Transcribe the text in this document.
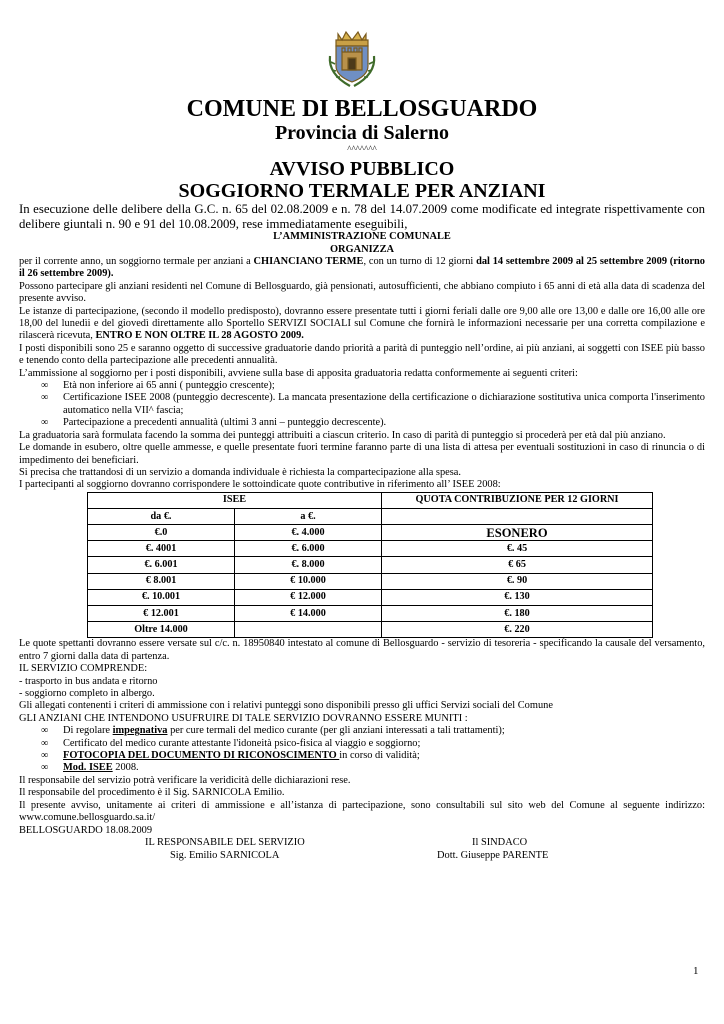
COMUNE DI BELLOSGUARDO
Provincia di Salerno
^^^^^^^
AVVISO PUBBLICO
SOGGIORNO TERMALE PER ANZIANI
In esecuzione delle delibere della G.C. n. 65 del 02.08.2009 e n. 78 del 14.07.2009 come modificate ed integrate rispettivamente con delibere giuntali n. 90 e 91 del 10.08.2009, rese immediatamente eseguibili,
L’AMMINISTRAZIONE COMUNALE
ORGANIZZA
per il corrente anno, un soggiorno termale per anziani a CHIANCIANO TERME, con un turno di 12 giorni dal 14 settembre 2009 al 25 settembre 2009 (ritorno il 26 settembre 2009).
Possono partecipare gli anziani residenti nel Comune di Bellosguardo, già pensionati, autosufficienti, che abbiano compiuto i 65 anni di età alla data di scadenza del presente avviso.
Le istanze di partecipazione, (secondo il modello predisposto), dovranno essere presentate tutti i giorni feriali dalle ore 9,00 alle ore 13,00 e dalle ore 16,00 alle ore 18,00 del lunedìi e del giovedì direttamente allo Sportello SERVIZI SOCIALI sul Comune che fornirà le informazioni necessarie per una corretta compilazione e rilascerà ricevuta, ENTRO E NON OLTRE IL 28 AGOSTO 2009.
I posti disponibili sono 25 e saranno oggetto di successive graduatorie dando priorità a parità di punteggio nell’ordine, ai più anziani, ai soggetti con ISEE più basso e tenendo conto della partecipazione alle precedenti annualità.
L’ammissione al soggiorno per i posti disponibili, avviene sulla base di apposita graduatoria redatta conformemente ai seguenti criteri:
∞ Età non inferiore ai 65 anni ( punteggio crescente);
∞ Certificazione ISEE 2008 (punteggio decrescente). La mancata presentazione della certificazione o dichiarazione sostitutiva unica comporta l'inserimento automatico nella VII^ fascia;
∞ Partecipazione a precedenti annualità (ultimi 3 anni – punteggio decrescente).
La graduatoria sarà formulata facendo la somma dei punteggi attribuiti a ciascun criterio. In caso di parità di punteggio si procederà per età dal più anziano.
Le domande in esubero, oltre quelle ammesse, e quelle presentate fuori termine faranno parte di una lista di attesa per eventuali sostituzioni in caso di rinuncia o di impedimento dei beneficiari.
Si precisa che trattandosi di un servizio a domanda individuale è richiesta la compartecipazione alla spesa.
I partecipanti al soggiorno dovranno corrispondere le sottoindicate quote contributive in riferimento all’ ISEE 2008:
ISEE		QUOTA CONTRIBUZIONE PER 12 GIORNI
da €.	a €.	
€.0	€. 4.000	ESONERO
€. 4001	€. 6.000	€. 45
€. 6.001	€. 8.000	€ 65
€ 8.001	€ 10.000	€. 90
€. 10.001	€ 12.000	€. 130
€ 12.001	€ 14.000	€. 180
Oltre 14.000		€. 220
Le quote spettanti dovranno essere versate sul c/c. n. 18950840 intestato al comune di Bellosguardo - servizio di tesoreria - specificando la causale del versamento, entro 7 giorni dalla data di partenza.
IL SERVIZIO COMPRENDE:
- trasporto in bus andata e ritorno
- soggiorno completo in albergo.
Gli allegati contenenti i criteri di ammissione con i relativi punteggi sono disponibili presso gli uffici Servizi sociali del Comune
GLI ANZIANI CHE INTENDONO USUFRUIRE DI TALE SERVIZIO DOVRANNO ESSERE MUNITI :
∞ Di regolare impegnativa per cure termali del medico curante (per gli anziani interessati a tali trattamenti);
∞ Certificato del medico curante attestante l'idoneità psico-fisica al viaggio e soggiorno;
∞ FOTOCOPIA DEL DOCUMENTO DI RICONOSCIMENTO in corso di validità;
∞ Mod. ISEE 2008.
Il responsabile del servizio potrà verificare la veridicità delle dichiarazioni rese.
Il responsabile del procedimento è il Sig. SARNICOLA Emilio.
Il presente avviso, unitamente ai criteri di ammissione e all’istanza di partecipazione, sono consultabili sul sito web del Comune al seguente indirizzo: www.comune.bellosguardo.sa.it/
BELLOSGUARDO 18.08.2009
IL RESPONSABILE DEL SERVIZIO	Il SINDACO
Sig. Emilio SARNICOLA	Dott. Giuseppe PARENTE
1
